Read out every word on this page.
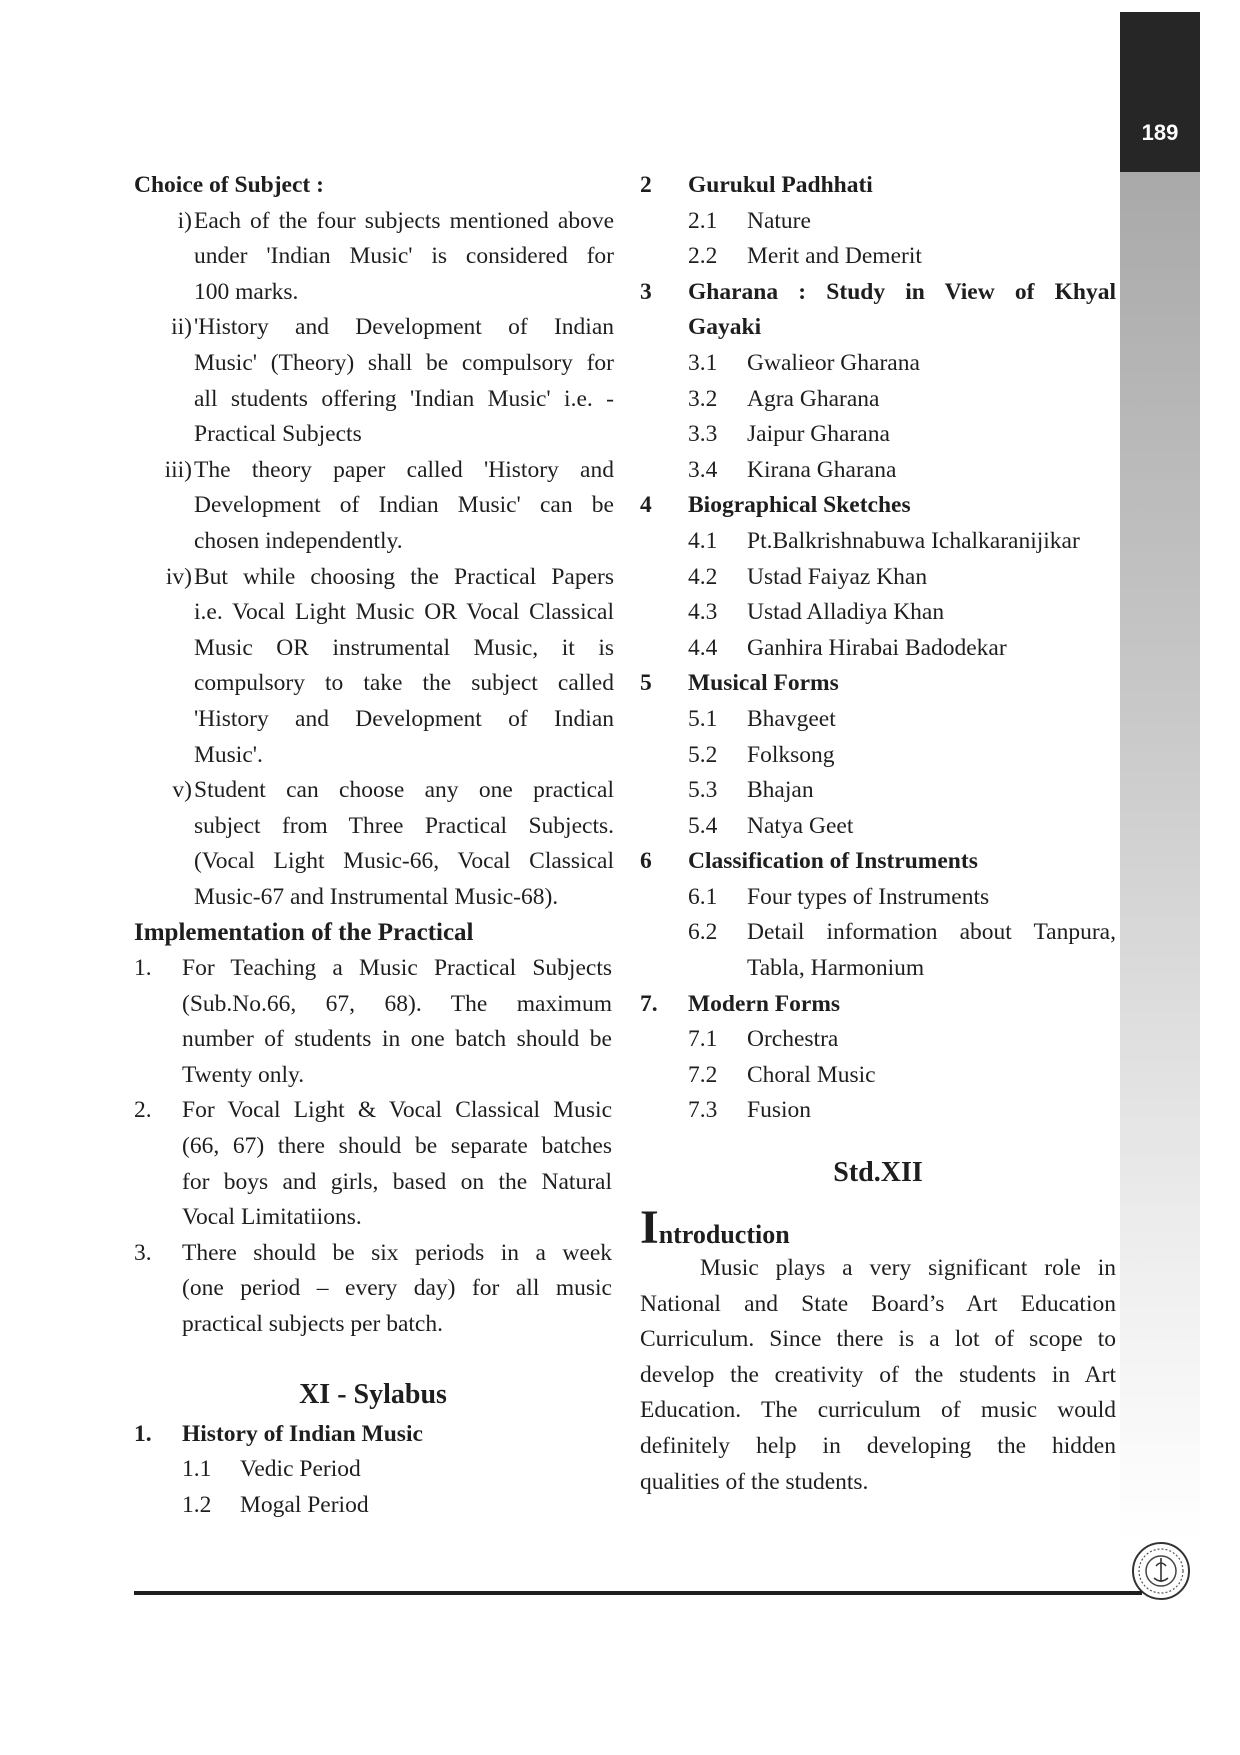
189
Choice of Subject :
i) Each of the four subjects mentioned above
under 'Indian Music' is considered for
100 marks.
ii) 'History and Development of Indian
Music' (Theory) shall be compulsory for
all students offering 'Indian Music' i.e. -
Practical Subjects
iii) The theory paper called 'History and
Development of Indian Music' can be
chosen independently.
iv) But while choosing the Practical Papers
i.e. Vocal Light Music OR Vocal Classical
Music OR instrumental Music, it is
compulsory to take the subject called
'History and Development of Indian
Music'.
v) Student can choose any one practical
subject from Three Practical Subjects.
(Vocal Light Music-66, Vocal Classical
Music-67 and Instrumental Music-68).
Implementation of the Practical
1.	For Teaching a Music Practical Subjects
(Sub.No.66, 67, 68). The maximum
number of students in one batch should be
Twenty only.
2.	For Vocal Light & Vocal Classical Music
(66, 67) there should be separate batches
for boys and girls, based on the Natural
Vocal Limitatiions.
3.	There should be six periods in a week
(one period – every day) for all music
practical subjects per batch.
XI - Sylabus
1.	History of Indian Music
1.1	Vedic Period
1.2	Mogal Period
2	Gurukul Padhhati
2.1	Nature
2.2	Merit and Demerit
3	Gharana : Study in View of Khyal
Gayaki
3.1	Gwalieor Gharana
3.2	Agra Gharana
3.3	Jaipur Gharana
3.4	Kirana Gharana
4	Biographical Sketches
4.1	Pt.Balkrishnabuwa Ichalkaranijikar
4.2	Ustad Faiyaz Khan
4.3	Ustad Alladiya Khan
4.4	Ganhira Hirabai Badodekar
5	Musical Forms
5.1	Bhavgeet
5.2	Folksong
5.3	Bhajan
5.4	Natya Geet
6	Classification of Instruments
6.1	Four types of Instruments
6.2	Detail information about Tanpura,
Tabla, Harmonium
7.	Modern Forms
7.1	Orchestra
7.2	Choral Music
7.3	Fusion
Std.XII
Introduction
Music plays a very significant role in
National and State Board’s Art Education
Curriculum. Since there is a lot of scope to
develop the creativity of the students in Art
Education. The curriculum of music would
definitely help in developing the hidden
qualities of the students.
